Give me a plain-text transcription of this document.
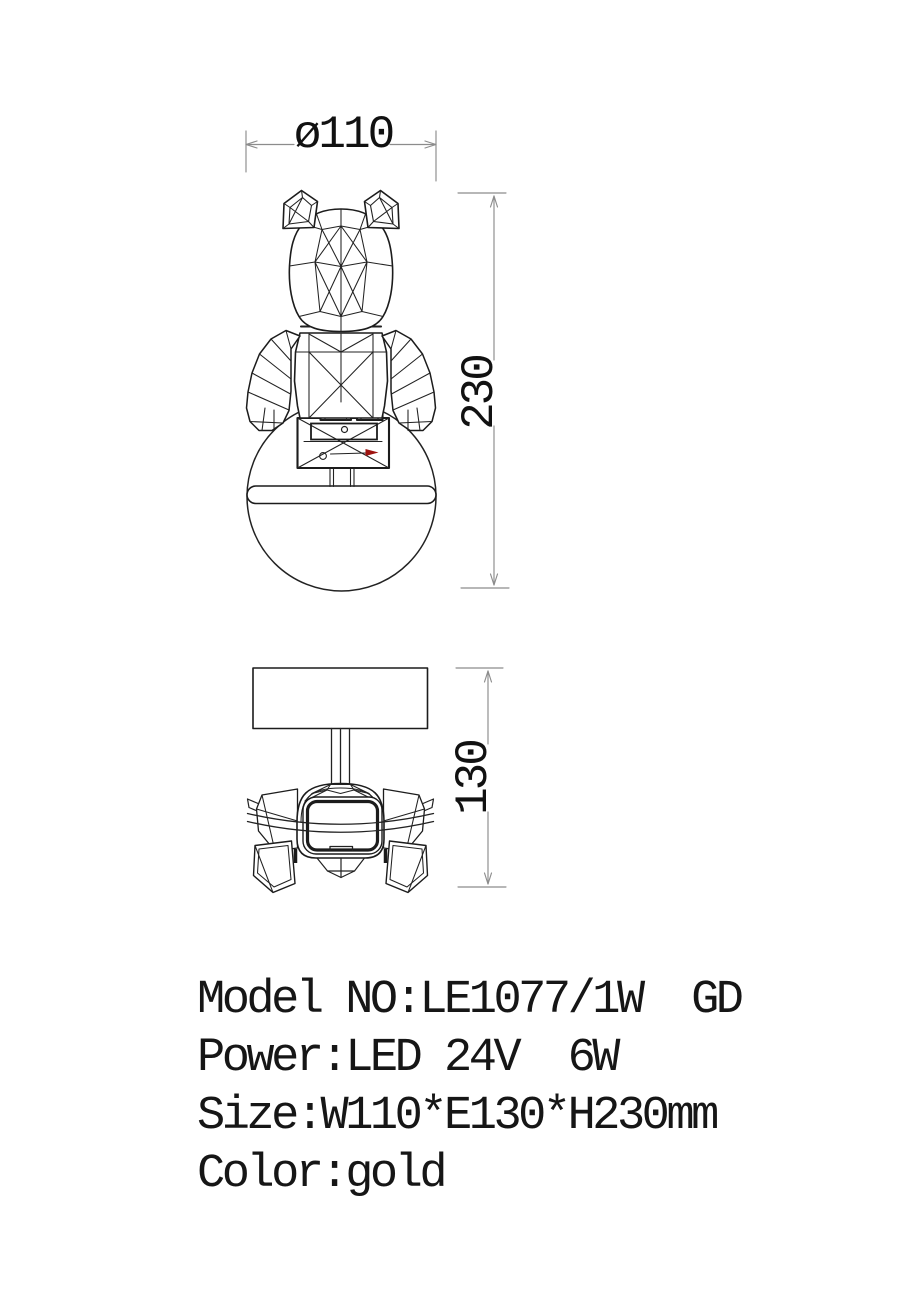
ø110
230
130
Model NO:LE1077/1W  GD
Power:LED 24V  6W
Size:W110*E130*H230mm
Color:gold
